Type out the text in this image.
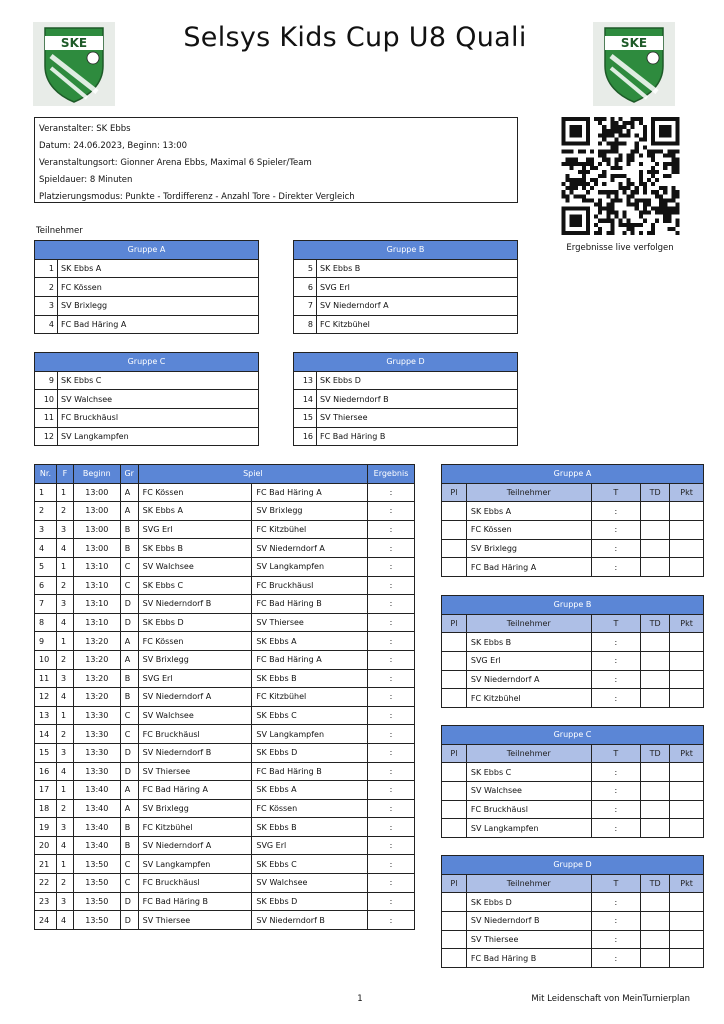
SKE	Selsys Kids Cup U8 Quali	SKE
Veranstalter: SK Ebbs
Datum: 24.06.2023, Beginn: 13:00
Veranstaltungsort: Gionner Arena Ebbs, Maximal 6 Spieler/Team
Spieldauer: 8 Minuten
Platzierungsmodus: Punkte - Tordifferenz - Anzahl Tore - Direkter Vergleich
Ergebnisse live verfolgen
Teilnehmer
Gruppe A	
1	SK Ebbs A
2	FC Kössen
3	SV Brixlegg
4	FC Bad Häring A
Gruppe B	
5	SK Ebbs B
6	SVG Erl
7	SV Niederndorf A
8	FC Kitzbühel
Gruppe C	
9	SK Ebbs C
10	SV Walchsee
11	FC Bruckhäusl
12	SV Langkampfen
Gruppe D	
13	SK Ebbs D
14	SV Niederndorf B
15	SV Thiersee
16	FC Bad Häring B
Nr.	F	Beginn	Gr	Spiel		Ergebnis
1	1	13:00	A	FC Kössen	FC Bad Häring A	:
2	2	13:00	A	SK Ebbs A	SV Brixlegg	:
3	3	13:00	B	SVG Erl	FC Kitzbühel	:
4	4	13:00	B	SK Ebbs B	SV Niederndorf A	:
5	1	13:10	C	SV Walchsee	SV Langkampfen	:
6	2	13:10	C	SK Ebbs C	FC Bruckhäusl	:
7	3	13:10	D	SV Niederndorf B	FC Bad Häring B	:
8	4	13:10	D	SK Ebbs D	SV Thiersee	:
9	1	13:20	A	FC Kössen	SK Ebbs A	:
10	2	13:20	A	SV Brixlegg	FC Bad Häring A	:
11	3	13:20	B	SVG Erl	SK Ebbs B	:
12	4	13:20	B	SV Niederndorf A	FC Kitzbühel	:
13	1	13:30	C	SV Walchsee	SK Ebbs C	:
14	2	13:30	C	FC Bruckhäusl	SV Langkampfen	:
15	3	13:30	D	SV Niederndorf B	SK Ebbs D	:
16	4	13:30	D	SV Thiersee	FC Bad Häring B	:
17	1	13:40	A	FC Bad Häring A	SK Ebbs A	:
18	2	13:40	A	SV Brixlegg	FC Kössen	:
19	3	13:40	B	FC Kitzbühel	SK Ebbs B	:
20	4	13:40	B	SV Niederndorf A	SVG Erl	:
21	1	13:50	C	SV Langkampfen	SK Ebbs C	:
22	2	13:50	C	FC Bruckhäusl	SV Walchsee	:
23	3	13:50	D	FC Bad Häring B	SK Ebbs D	:
24	4	13:50	D	SV Thiersee	SV Niederndorf B	:
Gruppe A				
Pl	Teilnehmer	T	TD	Pkt
	SK Ebbs A	:		
	FC Kössen	:		
	SV Brixlegg	:		
	FC Bad Häring A	:		
Gruppe B				
Pl	Teilnehmer	T	TD	Pkt
	SK Ebbs B	:		
	SVG Erl	:		
	SV Niederndorf A	:		
	FC Kitzbühel	:		
Gruppe C				
Pl	Teilnehmer	T	TD	Pkt
	SK Ebbs C	:		
	SV Walchsee	:		
	FC Bruckhäusl	:		
	SV Langkampfen	:		
Gruppe D				
Pl	Teilnehmer	T	TD	Pkt
	SK Ebbs D	:		
	SV Niederndorf B	:		
	SV Thiersee	:		
	FC Bad Häring B	:		
1	Mit Leidenschaft von MeinTurnierplan
